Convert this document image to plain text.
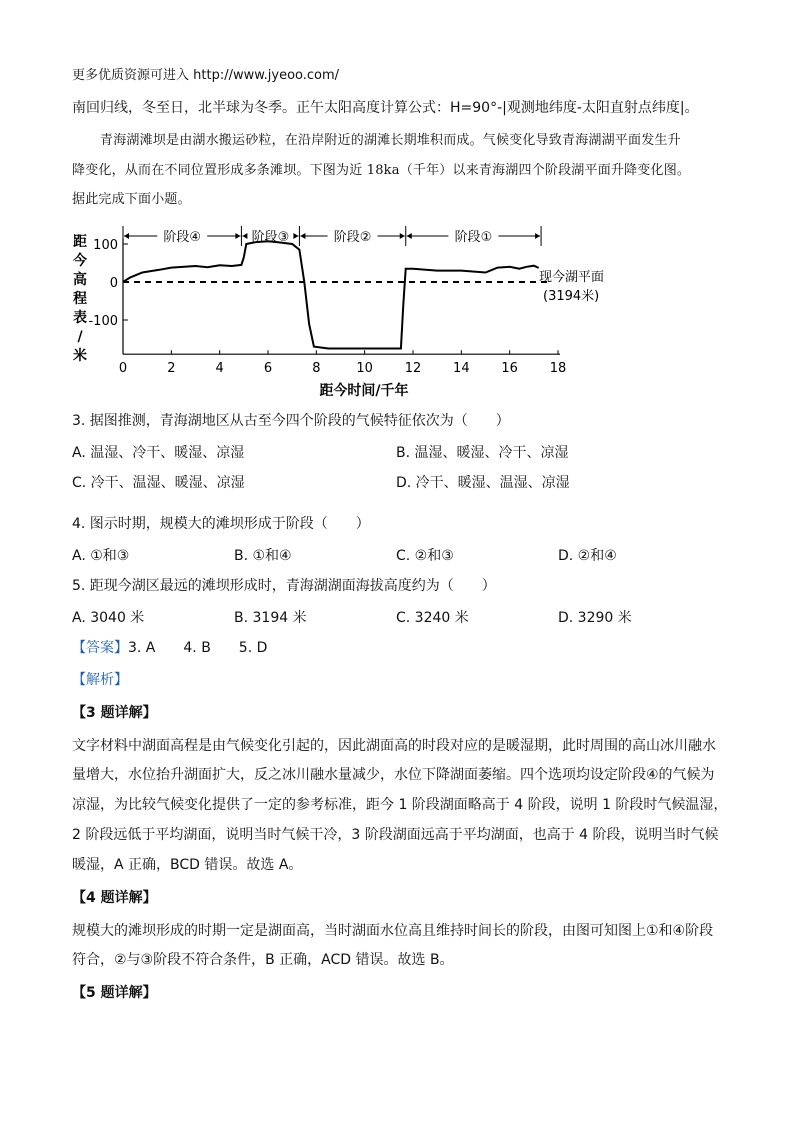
更多优质资源可进入 http://www.jyeoo.com/
南回归线，冬至日，北半球为冬季。正午太阳高度计算公式：H=90°-|观测地纬度-太阳直射点纬度|。
青海湖滩坝是由湖水搬运砂粒，在沿岸附近的湖滩长期堆积而成。气候变化导致青海湖湖平面发生升
降变化，从而在不同位置形成多条滩坝。下图为近 18ka（千年）以来青海湖四个阶段湖平面升降变化图。
据此完成下面小题。
距今高程表/米
阶段④	阶段③	阶段②	阶段①
100
0
-100
0	2	4	6	8	10 12 14 16 18
现今湖平面
(3194米)
距今时间/千年
3. 据图推测，青海湖地区从古至今四个阶段的气候特征依次为（　　）
A. 温湿、冷干、暖湿、凉湿	B. 温湿、暖湿、冷干、凉湿
C. 冷干、温湿、暖湿、凉湿	D. 冷干、暖湿、温湿、凉湿
4. 图示时期，规模大的滩坝形成于阶段（　　）
A. ①和③	B. ①和④	C. ②和③	D. ②和④
5. 距现今湖区最远的滩坝形成时，青海湖湖面海拔高度约为（　　）
A. 3040 米	B. 3194 米	C. 3240 米	D. 3290 米
【答案】3. A　　4. B　　5. D
【解析】
【3 题详解】
文字材料中湖面高程是由气候变化引起的，因此湖面高的时段对应的是暖湿期，此时周围的高山冰川融水
量增大，水位抬升湖面扩大，反之冰川融水量减少，水位下降湖面萎缩。四个选项均设定阶段④的气候为
凉湿，为比较气候变化提供了一定的参考标准，距今 1 阶段湖面略高于 4 阶段，说明 1 阶段时气候温湿，
2 阶段远低于平均湖面，说明当时气候干冷，3 阶段湖面远高于平均湖面，也高于 4 阶段，说明当时气候
暖湿，A 正确，BCD 错误。故选 A。
【4 题详解】
规模大的滩坝形成的时期一定是湖面高，当时湖面水位高且维持时间长的阶段，由图可知图上①和④阶段
符合，②与③阶段不符合条件，B 正确，ACD 错误。故选 B。
【5 题详解】
